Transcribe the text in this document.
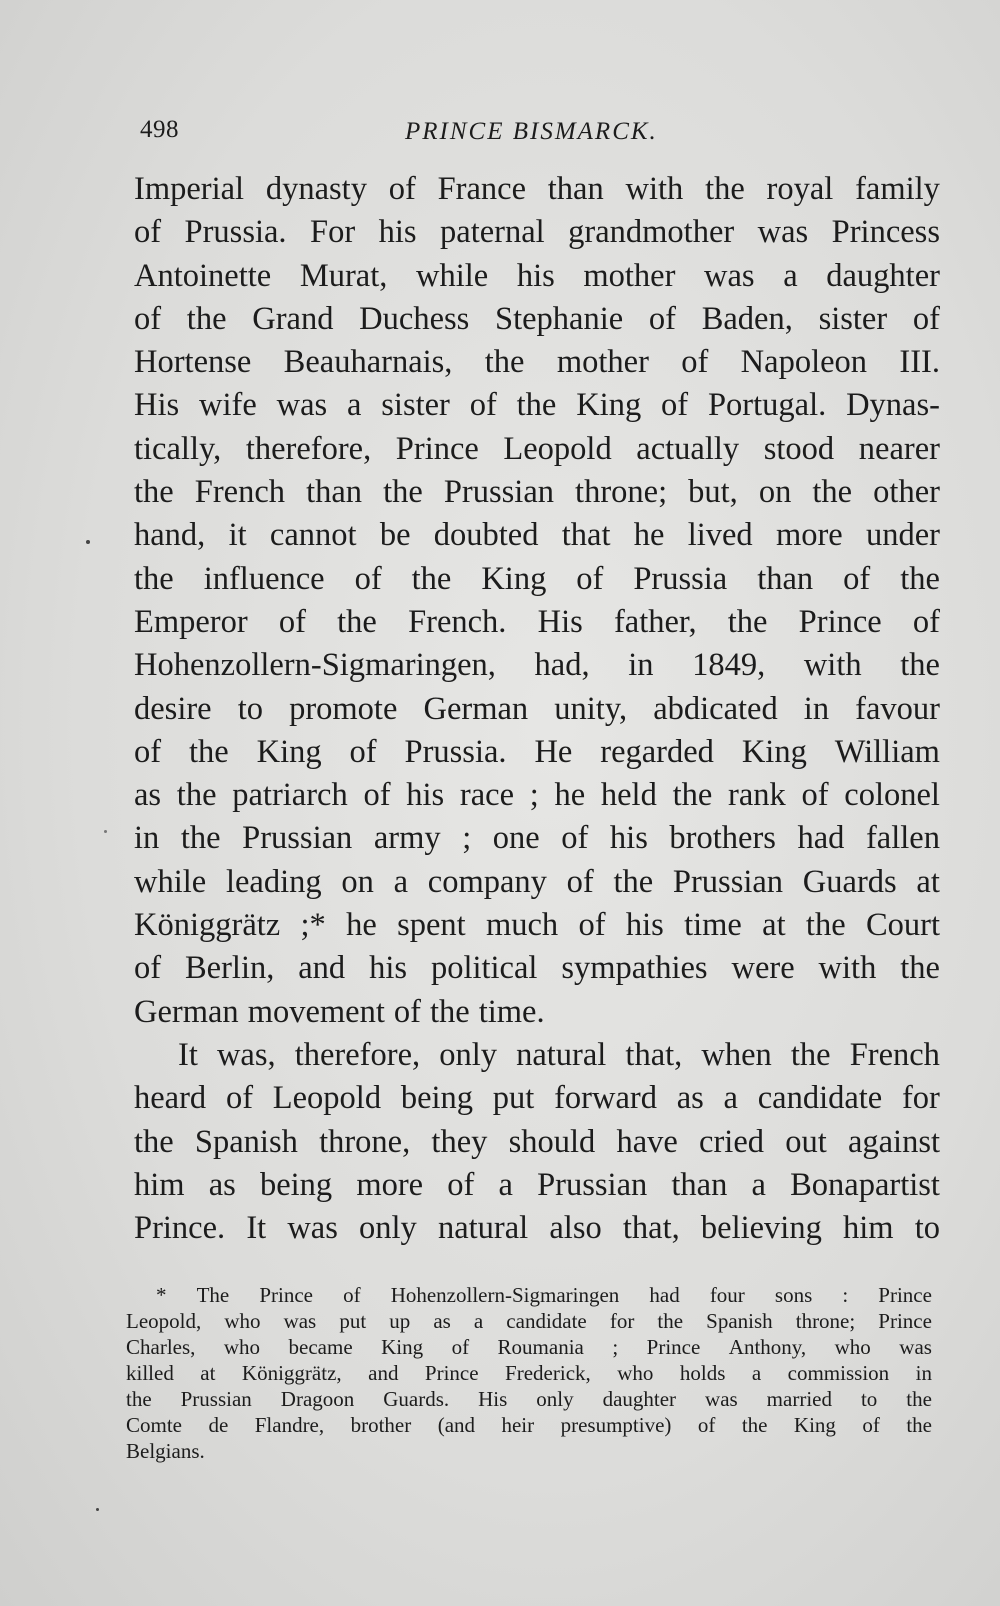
498	PRINCE BISMARCK.
Imperial dynasty of France than with the royal family
of Prussia. For his paternal grandmother was Princess
Antoinette Murat, while his mother was a daughter
of the Grand Duchess Stephanie of Baden, sister of
Hortense Beauharnais, the mother of Napoleon III.
His wife was a sister of the King of Portugal. Dynas-
tically, therefore, Prince Leopold actually stood nearer
the French than the Prussian throne; but, on the other
hand, it cannot be doubted that he lived more under
the influence of the King of Prussia than of the
Emperor of the French. His father, the Prince of
Hohenzollern-Sigmaringen, had, in 1849, with the
desire to promote German unity, abdicated in favour
of the King of Prussia. He regarded King William
as the patriarch of his race ; he held the rank of colonel
in the Prussian army ; one of his brothers had fallen
while leading on a company of the Prussian Guards at
Königgrätz ;* he spent much of his time at the Court
of Berlin, and his political sympathies were with the
German movement of the time.
It was, therefore, only natural that, when the French
heard of Leopold being put forward as a candidate for
the Spanish throne, they should have cried out against
him as being more of a Prussian than a Bonapartist
Prince. It was only natural also that, believing him to
* The Prince of Hohenzollern-Sigmaringen had four sons : Prince
Leopold, who was put up as a candidate for the Spanish throne; Prince
Charles, who became King of Roumania ; Prince Anthony, who was
killed at Königgrätz, and Prince Frederick, who holds a commission in
the Prussian Dragoon Guards. His only daughter was married to the
Comte de Flandre, brother (and heir presumptive) of the King of the
Belgians.
